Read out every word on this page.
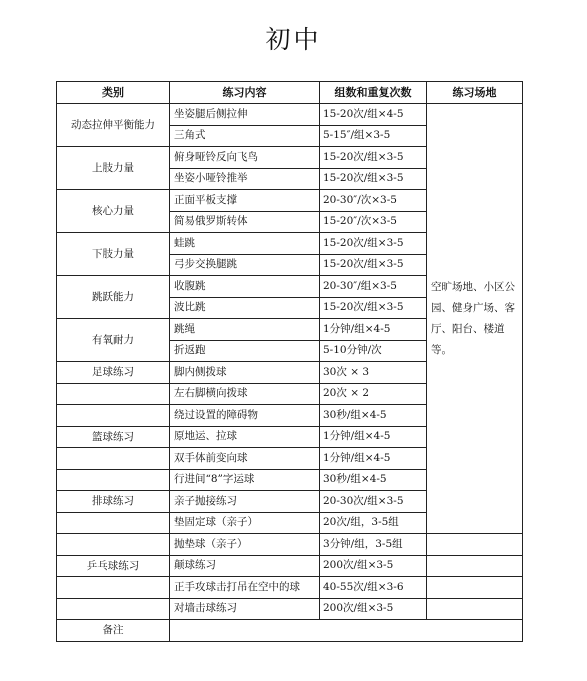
初中
类别	练习内容	组数和重复次数	练习场地
动态拉伸平衡能力	坐姿腿后侧拉伸	15-20次/组×4-5	空旷场地、小区公园、健身广场、客厅、阳台、楼道等。
	三角式	5-15″/组×3-5	
上肢力量	俯身哑铃反向飞鸟	15-20次/组×3-5	
	坐姿小哑铃推举	15-20次/组×3-5	
核心力量	正面平板支撑	20-30″/次×3-5	
	简易俄罗斯转体	15-20″/次×3-5	
下肢力量	蛙跳	15-20次/组×3-5	
	弓步交换腿跳	15-20次/组×3-5	
跳跃能力	收腹跳	20-30″/组×3-5	
	波比跳	15-20次/组×3-5	
有氧耐力	跳绳	1分钟/组×4-5	
	折返跑	5-10分钟/次	
足球练习	脚内侧拨球	30次 × 3	
	左右脚横向拨球	20次 × 2	
	绕过设置的障碍物	30秒/组×4-5	
篮球练习	原地运、拉球	1分钟/组×4-5	
	双手体前变向球	1分钟/组×4-5	
	行进间“8”字运球	30秒/组×4-5	
排球练习	亲子抛接练习	20-30次/组×3-5	
	垫固定球（亲子）	20次/组，3-5组	
	抛垫球（亲子）	3分钟/组，3-5组	
乒乓球练习	颠球练习	200次/组×3-5	
	正手攻球击打吊在空中的球	40-55次/组×3-6	
	对墙击球练习	200次/组×3-5	
备注			
